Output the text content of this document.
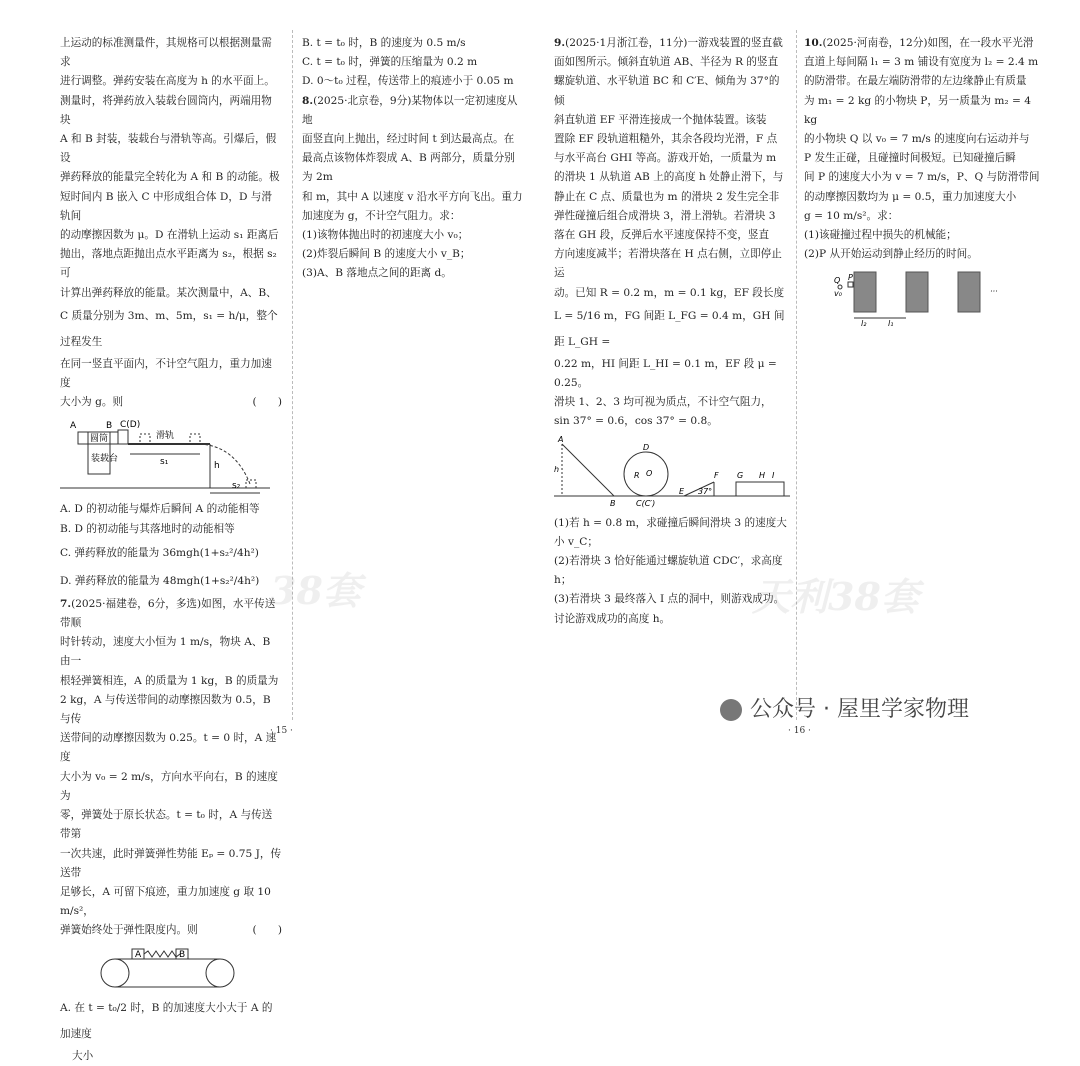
上运动的标准测量件，其规格可以根据测量需求

进行调整。弹药安装在高度为 h 的水平面上。

测量时，将弹药放入装载台圆筒内，两端用物块

A 和 B 封装，装载台与滑轨等高。引爆后，假设

弹药释放的能量完全转化为 A 和 B 的动能。极

短时间内 B 嵌入 C 中形成组合体 D，D 与滑轨间

的动摩擦因数为 μ。D 在滑轨上运动 s₁ 距离后

抛出，落地点距抛出点水平距离为 s₂，根据 s₂ 可

计算出弹药释放的能量。某次测量中，A、B、

C 质量分别为 3m、m、5m，s₁ = h/μ，整个过程发生

在同一竖直平面内，不计空气阻力，重力加速度

大小为 g。则	(　　)

A	B C(D)
圆筒
装载台
滑轨
s₁	h
s₂
A. D 的初动能与爆炸后瞬间 A 的动能相等
B. D 的初动能与其落地时的动能相等
C. 弹药释放的能量为 36mgh(1+s₂²/4h²)
D. 弹药释放的能量为 48mgh(1+s₂²/4h²)

7.(2025·福建卷，6分，多选)如图，水平传送带顺

时针转动，速度大小恒为 1 m/s，物块 A、B 由一

根轻弹簧相连，A 的质量为 1 kg，B 的质量为

2 kg，A 与传送带间的动摩擦因数为 0.5，B 与传

送带间的动摩擦因数为 0.25。t = 0 时，A 速度

大小为 v₀ = 2 m/s，方向水平向右，B 的速度为

零，弹簧处于原长状态。t = t₀ 时，A 与传送带第

一次共速，此时弹簧弹性势能 Eₚ = 0.75 J，传送带

足够长，A 可留下痕迹，重力加速度 g 取 10 m/s²，

弹簧始终处于弹性限度内。则	(　　)

A	B
A. 在 t = t₀/2 时，B 的加速度大小大于 A 的加速度
大小

B. t = t₀ 时，B 的速度为 0.5 m/s

C. t = t₀ 时，弹簧的压缩量为 0.2 m

D. 0～t₀ 过程，传送带上的痕迹小于 0.05 m

8.(2025·北京卷，9分)某物体以一定初速度从地

面竖直向上抛出，经过时间 t 到达最高点。在

最高点该物体炸裂成 A、B 两部分，质量分别为 2m

和 m，其中 A 以速度 v 沿水平方向飞出。重力

加速度为 g，不计空气阻力。求：

(1)该物体抛出时的初速度大小 v₀；

(2)炸裂后瞬间 B 的速度大小 v_B；

(3)A、B 落地点之间的距离 d。

38套
· 15 ·

9.(2025·1月浙江卷，11分)一游戏装置的竖直截

面如图所示。倾斜直轨道 AB、半径为 R 的竖直

螺旋轨道、水平轨道 BC 和 C′E、倾角为 37°的倾

斜直轨道 EF 平滑连接成一个抛体装置。该装

置除 EF 段轨道粗糙外，其余各段均光滑，F 点

与水平高台 GHI 等高。游戏开始，一质量为 m

的滑块 1 从轨道 AB 上的高度 h 处静止滑下，与

静止在 C 点、质量也为 m 的滑块 2 发生完全非

弹性碰撞后组合成滑块 3，滑上滑轨。若滑块 3

落在 GH 段，反弹后水平速度保持不变，竖直

方向速度减半；若滑块落在 H 点右侧，立即停止运

动。已知 R = 0.2 m，m = 0.1 kg，EF 段长度

L = 5/16 m，FG 间距 L_FG = 0.4 m，GH 间距 L_GH =

0.22 m，HI 间距 L_HI = 0.1 m，EF 段 μ = 0.25。

滑块 1、2、3 均可视为质点，不计空气阻力，

sin 37° = 0.6，cos 37° = 0.8。

A
h
B
R O
D
C(C′)
E
F
37°
G H I

(1)若 h = 0.8 m，求碰撞后瞬间滑块 3 的速度大

小 v_C；

(2)若滑块 3 恰好能通过螺旋轨道 CDC′，求高度 h；

(3)若滑块 3 最终落入 I 点的洞中，则游戏成功。

讨论游戏成功的高度 h。

10.(2025·河南卷，12分)如图，在一段水平光滑

直道上每间隔 l₁ = 3 m 铺设有宽度为 l₂ = 2.4 m

的防滑带。在最左端防滑带的左边缘静止有质量

为 m₁ = 2 kg 的小物块 P，另一质量为 m₂ = 4 kg

的小物块 Q 以 v₀ = 7 m/s 的速度向右运动并与

P 发生正碰，且碰撞时间极短。已知碰撞后瞬

间 P 的速度大小为 v = 7 m/s，P、Q 与防滑带间

的动摩擦因数均为 μ = 0.5，重力加速度大小

g = 10 m/s²。求：

(1)该碰撞过程中损失的机械能；

(2)P 从开始运动到静止经历的时间。

Q P
v₀
l₂	l₁
···
天利38套
· 16 ·
公众号 · 屋里学家物理
